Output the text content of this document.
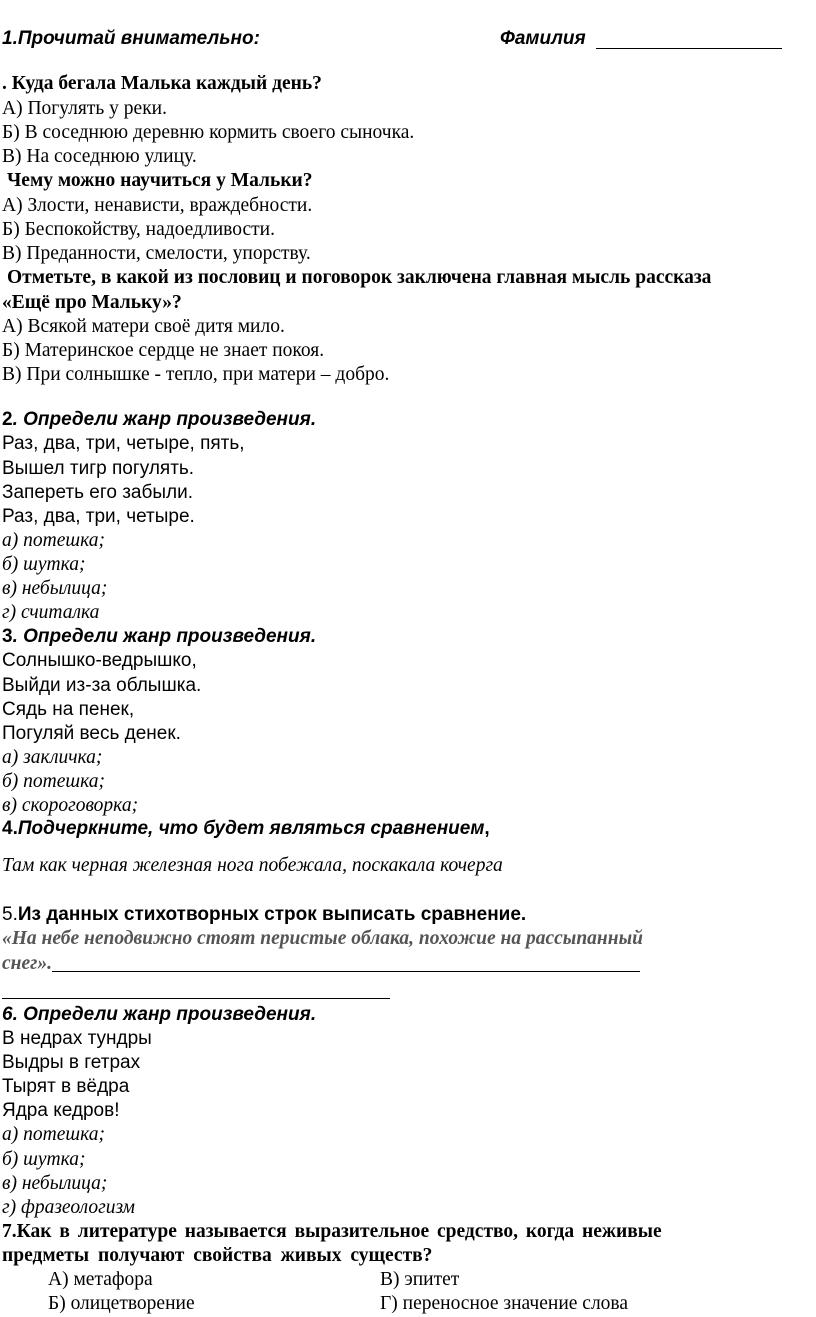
1.Прочитай внимательно:	Фамилия
. Куда бегала Малька каждый день?
А) Погулять у реки.
Б) В соседнюю деревню кормить своего сыночка.
В) На соседнюю улицу.
Чему можно научиться у Мальки?
А) Злости, ненависти, враждебности.
Б) Беспокойству, надоедливости.
В) Преданности, смелости, упорству.
Отметьте, в какой из пословиц и поговорок заключена главная мысль рассказа
«Ещё про Мальку»?
А) Всякой матери своё дитя мило.
Б) Материнское сердце не знает покоя.
В) При солнышке - тепло, при матери – добро.
2. Определи жанр произведения.
Раз, два, три, четыре, пять,
Вышел тигр погулять.
Запереть его забыли.
Раз, два, три, четыре.
а) потешка;
б) шутка;
в) небылица;
г) считалка
3. Определи жанр произведения.
Солнышко-ведрышко,
Выйди из-за облышка.
Сядь на пенек,
Погуляй весь денек.
а) закличка;
б) потешка;
в) скороговорка;
4.Подчеркните, что будет являться сравнением,
Там как черная железная нога побежала, поскакала кочерга
5.Из данных стихотворных строк выписать сравнение.
«На небе неподвижно стоят перистые облака, похожие на рассыпанный
снег».
6. Определи жанр произведения.
В недрах тундры
Выдры в гетрах
Тырят в вёдра
Ядра кедров!
а) потешка;
б) шутка;
в) небылица;
г) фразеологизм
7.Как в литературе называется выразительное средство, когда неживые
предметы получают свойства живых существ?
А) метафора	В) эпитет
Б) олицетворение	Г) переносное значение слова
